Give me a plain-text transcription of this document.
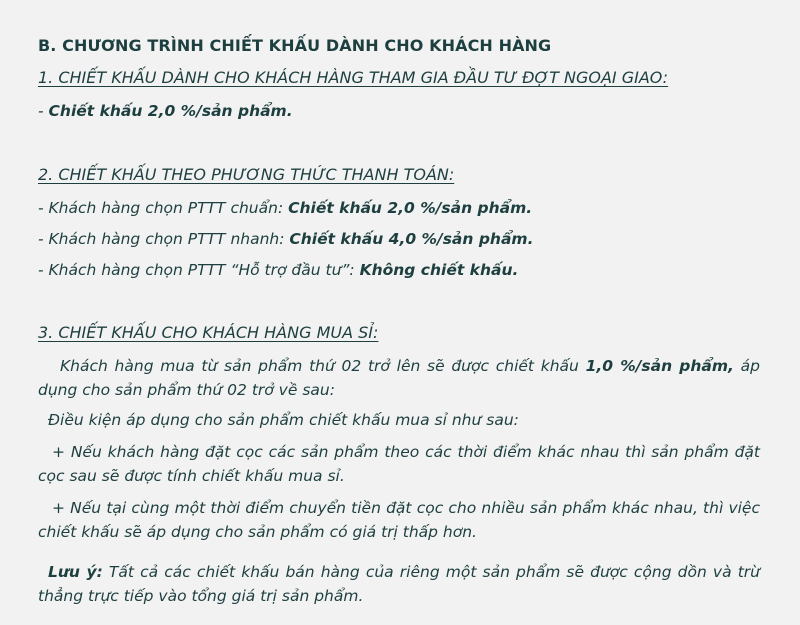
B. CHƯƠNG TRÌNH CHIẾT KHẤU DÀNH CHO KHÁCH HÀNG
1. CHIẾT KHẤU DÀNH CHO KHÁCH HÀNG THAM GIA ĐẦU TƯ ĐỢT NGOẠI GIAO:
- Chiết khấu 2,0 %/sản phẩm.
2. CHIẾT KHẤU THEO PHƯƠNG THỨC THANH TOÁN:
- Khách hàng chọn PTTT chuẩn: Chiết khấu 2,0 %/sản phẩm.
- Khách hàng chọn PTTT nhanh: Chiết khấu 4,0 %/sản phẩm.
- Khách hàng chọn PTTT “Hỗ trợ đầu tư”: Không chiết khấu.
3. CHIẾT KHẤU CHO KHÁCH HÀNG MUA SỈ:
Khách hàng mua từ sản phẩm thứ 02 trở lên sẽ được chiết khấu 1,0 %/sản phẩm, áp dụng cho sản phẩm thứ 02 trở về sau:
Điều kiện áp dụng cho sản phẩm chiết khấu mua sỉ như sau:
+ Nếu khách hàng đặt cọc các sản phẩm theo các thời điểm khác nhau thì sản phẩm đặt cọc sau sẽ được tính chiết khấu mua sỉ.
+ Nếu tại cùng một thời điểm chuyển tiền đặt cọc cho nhiều sản phẩm khác nhau, thì việc chiết khấu sẽ áp dụng cho sản phẩm có giá trị thấp hơn.
Lưu ý: Tất cả các chiết khấu bán hàng của riêng một sản phẩm sẽ được cộng dồn và trừ thẳng trực tiếp vào tổng giá trị sản phẩm.
